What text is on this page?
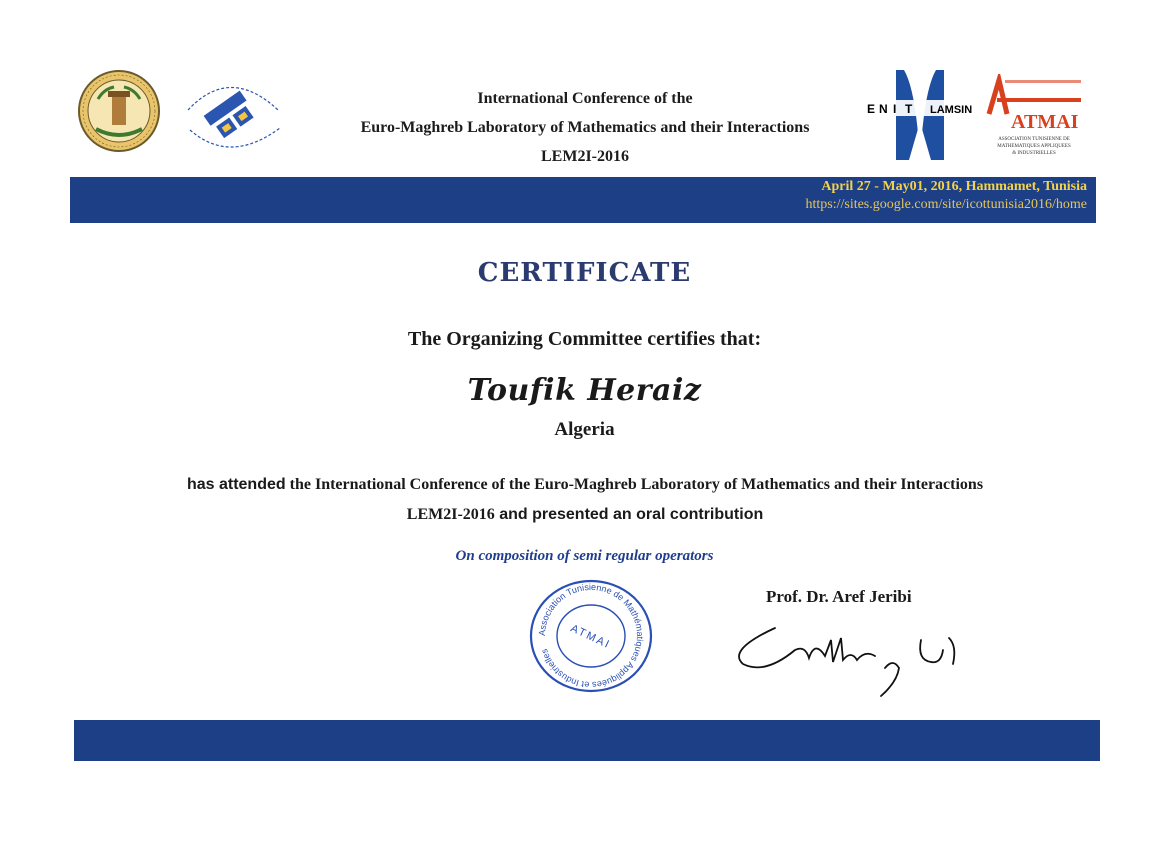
International Conference of the
Euro-Maghreb Laboratory of Mathematics and their Interactions
LEM2I-2016
E N I T LAMSIN
ATMAI
ASSOCIATION TUNISIENNE DE
MATHEMATIQUES APPLIQUEES
& INDUSTRIELLES
April 27 - May01, 2016, Hammamet, Tunisia
https://sites.google.com/site/icottunisia2016/home
CERTIFICATE
The Organizing Committee certifies that:
Toufik Heraiz
Algeria
has attended the International Conference of the Euro-Maghreb Laboratory of Mathematics and their Interactions
LEM2I-2016 and presented an oral contribution
On composition of semi regular operators
Association Tunisienne de Mathématiques Appliquées et Industrielles	ATMAI
Prof. Dr. Aref Jeribi
